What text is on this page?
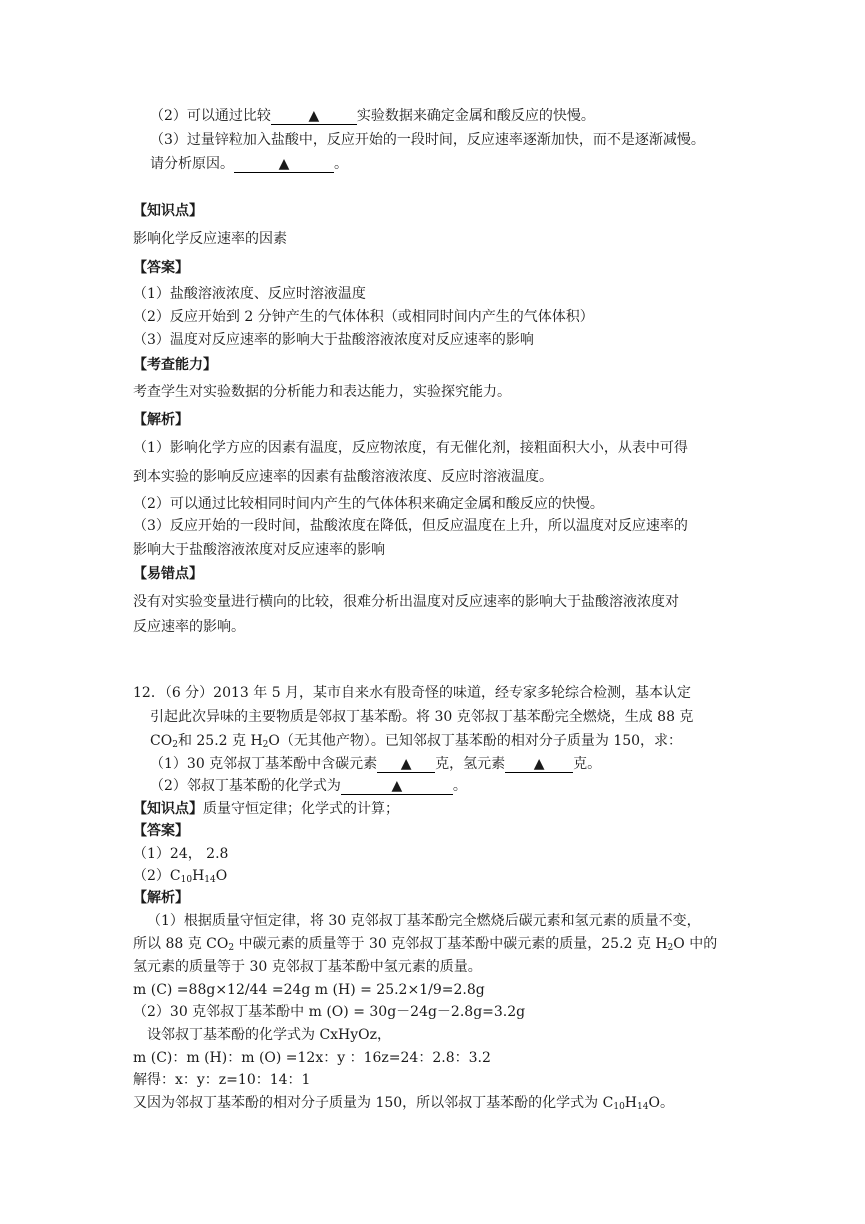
（2）可以通过比较	▲	实验数据来确定金属和酸反应的快慢。
（3）过量锌粒加入盐酸中，反应开始的一段时间，反应速率逐渐加快，而不是逐渐减慢。
请分析原因。	▲	。
【知识点】
影响化学反应速率的因素
【答案】
（1）盐酸溶液浓度、反应时溶液温度
（2）反应开始到 2 分钟产生的气体体积（或相同时间内产生的气体体积）
（3）温度对反应速率的影响大于盐酸溶液浓度对反应速率的影响
【考查能力】
考查学生对实验数据的分析能力和表达能力，实验探究能力。
【解析】
（1）影响化学方应的因素有温度，反应物浓度，有无催化剂，接粗面积大小，从表中可得
到本实验的影响反应速率的因素有盐酸溶液浓度、反应时溶液温度。
（2）可以通过比较相同时间内产生的气体体积来确定金属和酸反应的快慢。
（3）反应开始的一段时间，盐酸浓度在降低，但反应温度在上升，所以温度对反应速率的
影响大于盐酸溶液浓度对反应速率的影响
【易错点】
没有对实验变量进行横向的比较，很难分析出温度对反应速率的影响大于盐酸溶液浓度对
反应速率的影响。
12．（6 分）2013 年 5 月，某市自来水有股奇怪的味道，经专家多轮综合检测，基本认定
引起此次异味的主要物质是邻叔丁基苯酚。将 30 克邻叔丁基苯酚完全燃烧，生成 88 克
$CO_2$和 25.2 克 $H_2O$（无其他产物）。已知邻叔丁基苯酚的相对分子质量为 150，求：
（1）30 克邻叔丁基苯酚中含碳元素 ▲ 克，氢元素 ▲ 克。
（2）邻叔丁基苯酚的化学式为	▲	。
【知识点】质量守恒定律；化学式的计算；
【答案】
（1）24， 2.8
$(2)C_{10}H_{14}O$
【解析】
（1）根据质量守恒定律，将 30 克邻叔丁基苯酚完全燃烧后碳元素和氢元素的质量不变，
所以 88 克 $CO_2$ 中碳元素的质量等于 30 克邻叔丁基苯酚中碳元素的质量，25.2 克 $H_2O$ 中的
氢元素的质量等于 30 克邻叔丁基苯酚中氢元素的质量。
m (C) =88g×12/44 =24g m (H) = 25.2×1/9=2.8g
（2）30 克邻叔丁基苯酚中 m (O) = 30g－24g－2.8g=3.2g
设邻叔丁基苯酚的化学式为 CxHyOz，
m (C)：m (H)：m (O) =12x：y ：16z=24：2.8：3.2
解得：x：y：z=10：14：1
又因为邻叔丁基苯酚的相对分子质量为 150，所以邻叔丁基苯酚的化学式为 $C_{10}H_{14}O$。
